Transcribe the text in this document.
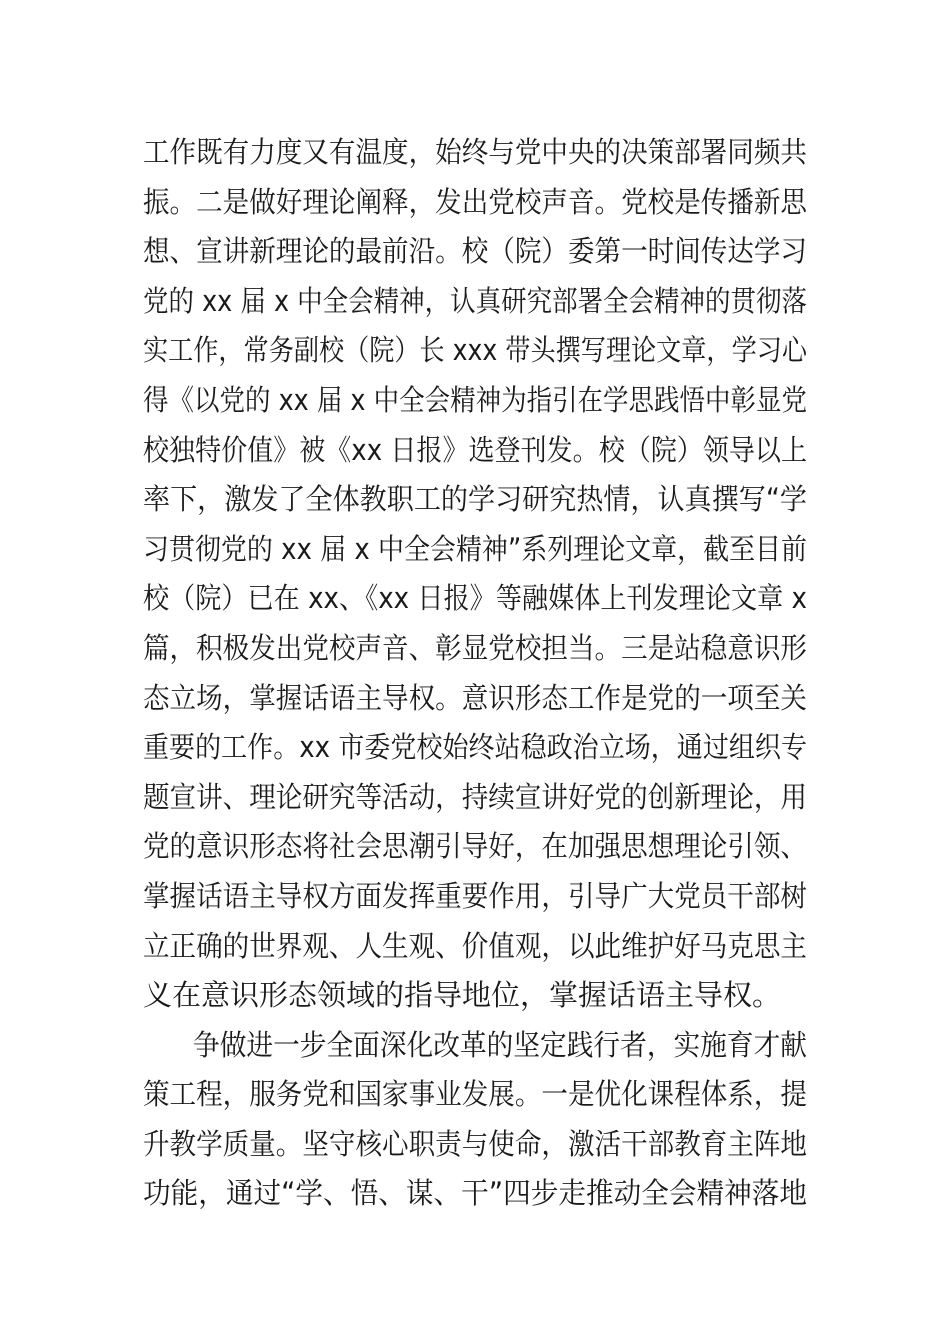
工作既有力度又有温度，始终与党中央的决策部署同频共
振。二是做好理论阐释，发出党校声音。党校是传播新思
想、宣讲新理论的最前沿。校（院）委第一时间传达学习
党的 xx 届 x 中全会精神，认真研究部署全会精神的贯彻落
实工作，常务副校（院）长 xxx 带头撰写理论文章，学习心
得《以党的 xx 届 x 中全会精神为指引在学思践悟中彰显党
校独特价值》被《xx 日报》选登刊发。校（院）领导以上
率下，激发了全体教职工的学习研究热情，认真撰写“学
习贯彻党的 xx 届 x 中全会精神”系列理论文章，截至目前
校（院）已在 xx、《xx 日报》等融媒体上刊发理论文章 x
篇，积极发出党校声音、彰显党校担当。三是站稳意识形
态立场，掌握话语主导权。意识形态工作是党的一项至关
重要的工作。xx 市委党校始终站稳政治立场，通过组织专
题宣讲、理论研究等活动，持续宣讲好党的创新理论，用
党的意识形态将社会思潮引导好，在加强思想理论引领、
掌握话语主导权方面发挥重要作用，引导广大党员干部树
立正确的世界观、人生观、价值观，以此维护好马克思主
义在意识形态领域的指导地位，掌握话语主导权。
争做进一步全面深化改革的坚定践行者，实施育才献
策工程，服务党和国家事业发展。一是优化课程体系，提
升教学质量。坚守核心职责与使命，激活干部教育主阵地
功能，通过“学、悟、谋、干”四步走推动全会精神落地
